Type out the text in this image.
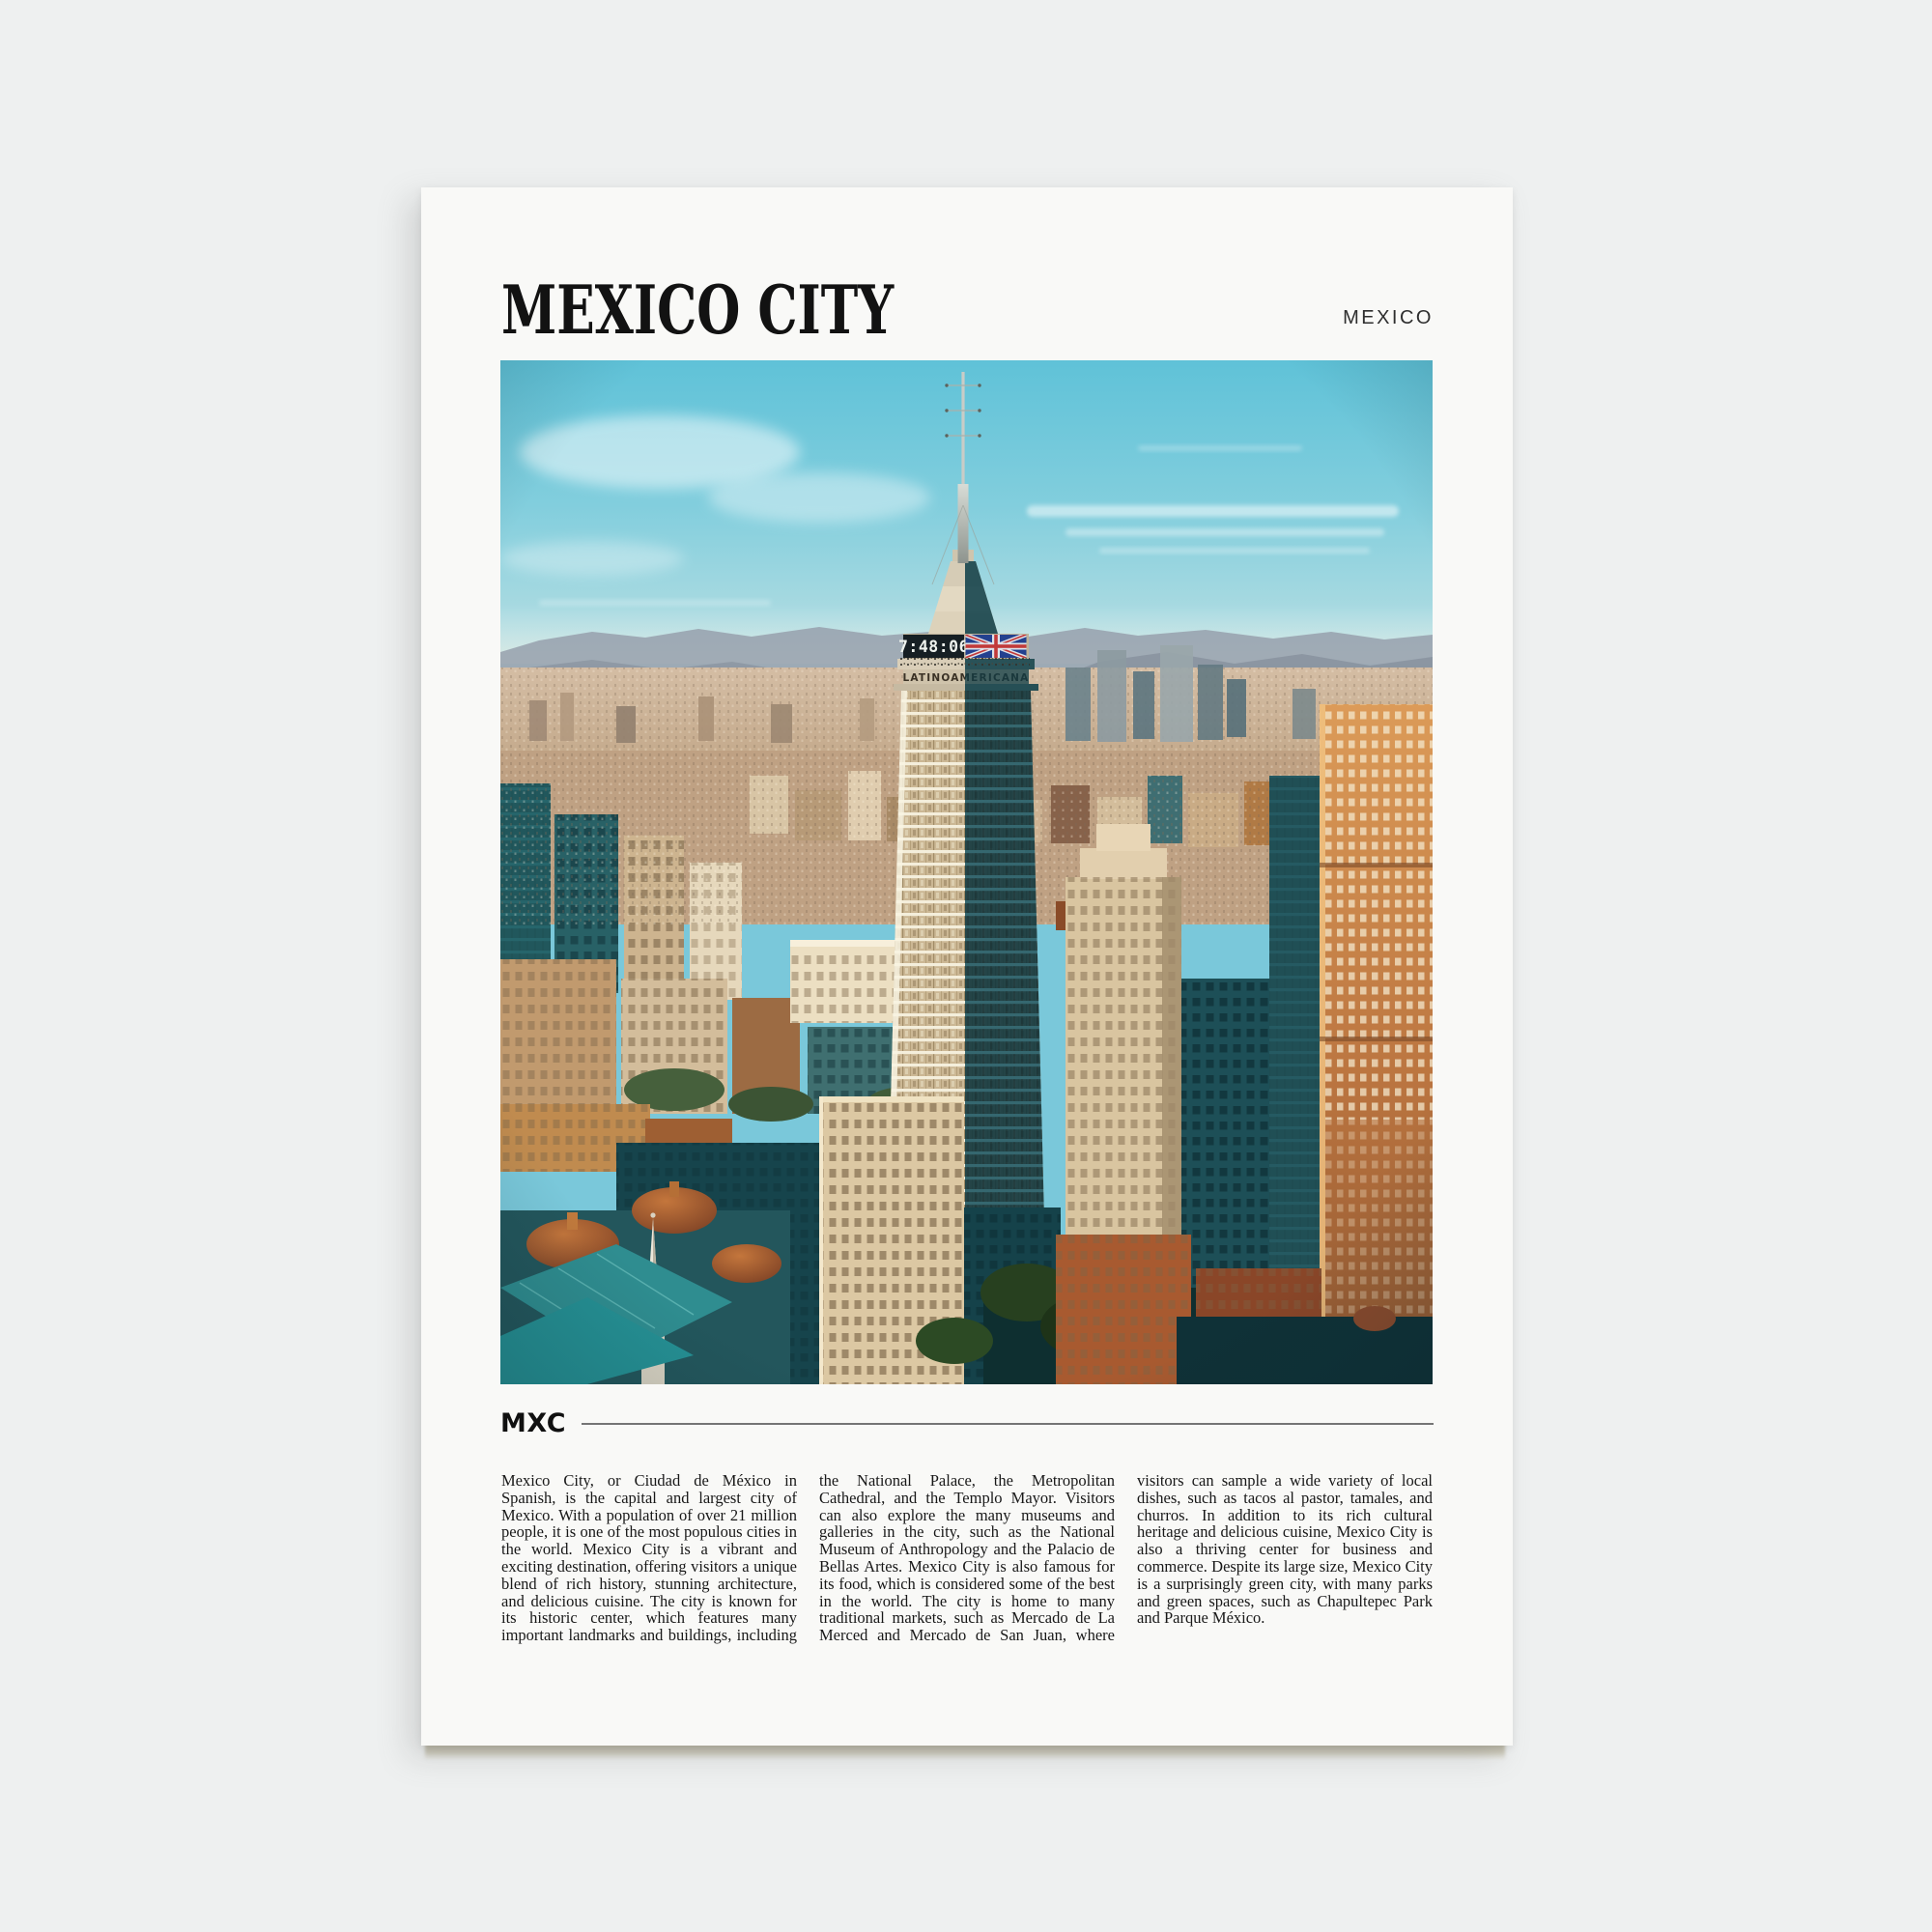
MEXICO CITY	MEXICO
MXC
Mexico City, or Ciudad de México in Spanish, is the capital and largest city of Mexico. With a population of over 21 million people, it is one of the most populous cities in the world. Mexico City is a vibrant and exciting destination, offering visitors a unique blend of rich history, stunning architecture, and delicious cuisine. The city is known for its historic center, which features many important landmarks and buildings, including the National Palace, the Metropolitan Cathedral, and the Templo Mayor. Visitors can also explore the many museums and galleries in the city, such as the National Museum of Anthropology and the Palacio de Bellas Artes. Mexico City is also famous for its food, which is considered some of the best in the world. The city is home to many traditional markets, such as Mercado de La Merced and Mercado de San Juan, where visitors can sample a wide variety of local dishes, such as tacos al pastor, tamales, and churros. In addition to its rich cultural heritage and delicious cuisine, Mexico City is also a thriving center for business and commerce. Despite its large size, Mexico City is a surprisingly green city, with many parks and green spaces, such as Chapultepec Park and Parque México.
